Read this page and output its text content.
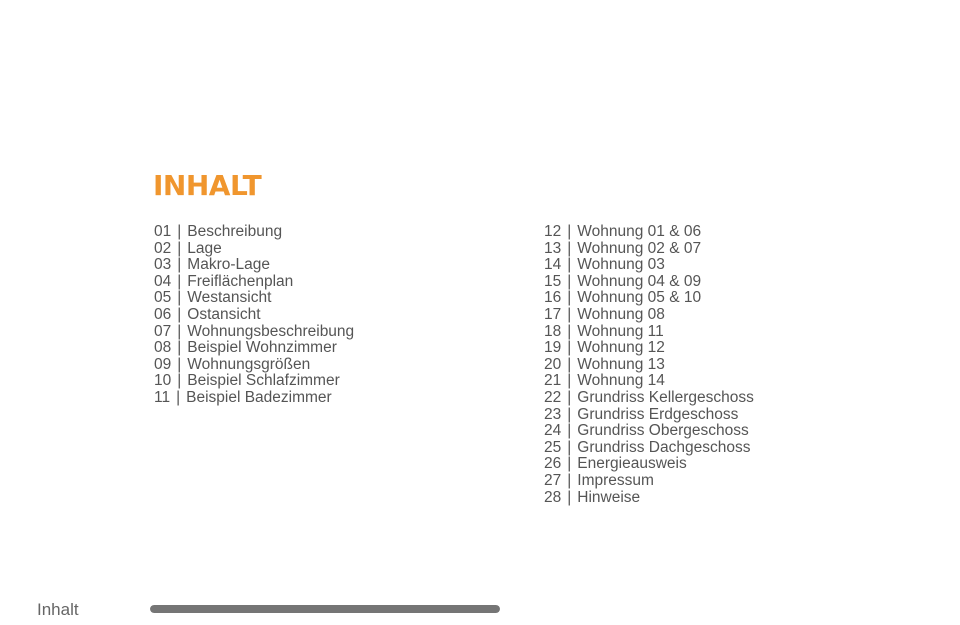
INHALT
01 | Beschreibung
02 | Lage
03 | Makro-Lage
04 | Freiflächenplan
05 | Westansicht
06 | Ostansicht
07 | Wohnungsbeschreibung
08 | Beispiel Wohnzimmer
09 | Wohnungsgrößen
10 | Beispiel Schlafzimmer
11 | Beispiel Badezimmer
12 | Wohnung 01 & 06
13 | Wohnung 02 & 07
14 | Wohnung 03
15 | Wohnung 04 & 09
16 | Wohnung 05 & 10
17 | Wohnung 08
18 | Wohnung 11
19 | Wohnung 12
20 | Wohnung 13
21 | Wohnung 14
22 | Grundriss Kellergeschoss
23 | Grundriss Erdgeschoss
24 | Grundriss Obergeschoss
25 | Grundriss Dachgeschoss
26 | Energieausweis
27 | Impressum
28 | Hinweise
Inhalt
